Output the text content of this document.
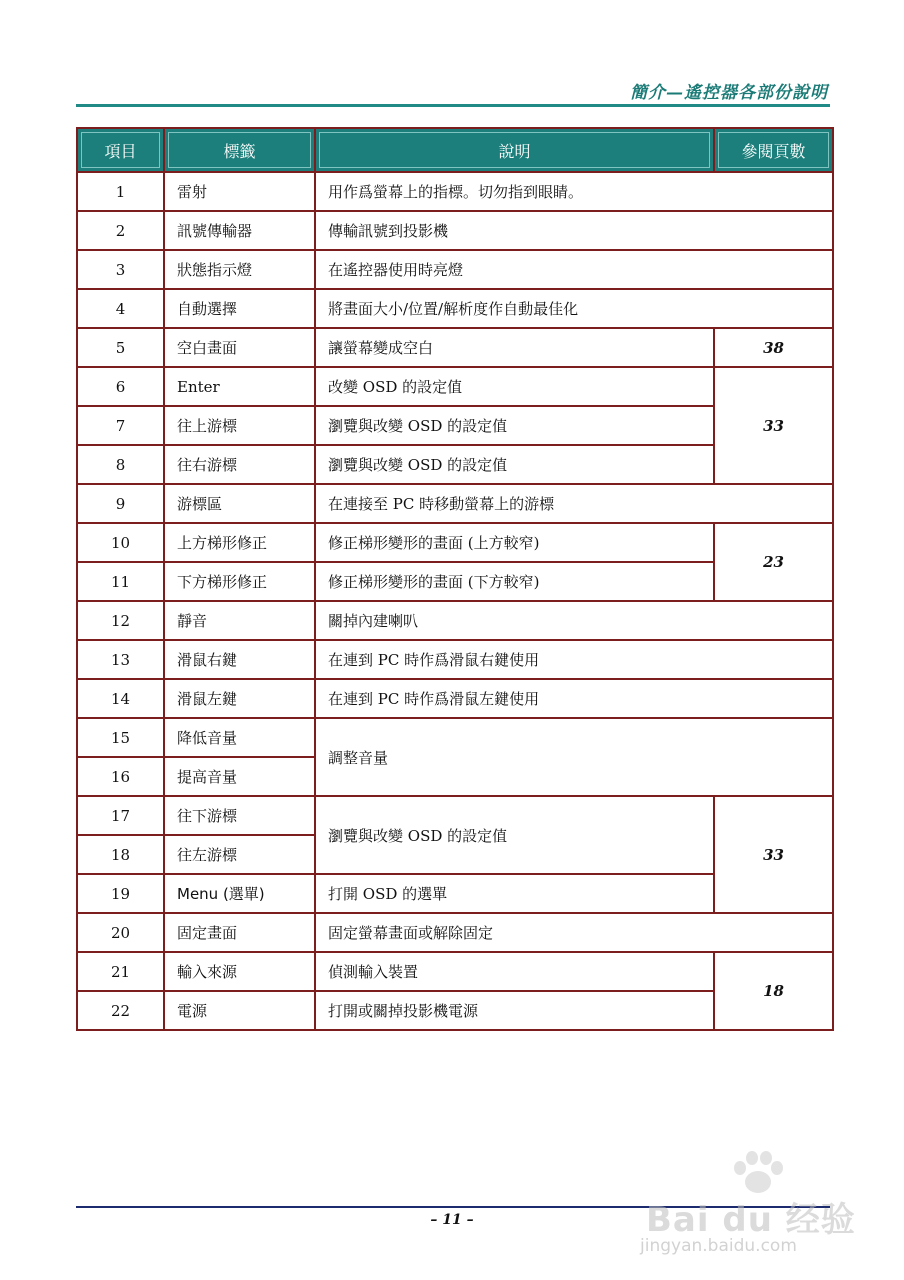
簡介—遙控器各部份說明
項目	標籤	說明	參閱頁數
1	雷射	用作爲螢幕上的指標。切勿指到眼睛。	
2	訊號傳輸器	傳輸訊號到投影機	
3	狀態指示燈	在遙控器使用時亮燈	
4	自動選擇	將畫面大小/位置/解析度作自動最佳化	
5	空白畫面	讓螢幕變成空白	38
6	Enter	改變 OSD 的設定值	33
7	往上游標	瀏覽與改變 OSD 的設定值	
8	往右游標	瀏覽與改變 OSD 的設定值	
9	游標區	在連接至 PC 時移動螢幕上的游標	
10	上方梯形修正	修正梯形變形的畫面 (上方較窄)	23
11	下方梯形修正	修正梯形變形的畫面 (下方較窄)	
12	靜音	關掉內建喇叭	
13	滑鼠右鍵	在連到 PC 時作爲滑鼠右鍵使用	
14	滑鼠左鍵	在連到 PC 時作爲滑鼠左鍵使用	
15	降低音量	調整音量	
16	提高音量		
17	往下游標	瀏覽與改變 OSD 的設定值	33
18	往左游標		
19	Menu (選單)	打開 OSD 的選單	
20	固定畫面	固定螢幕畫面或解除固定	
21	輸入來源	偵測輸入裝置	18
22	電源	打開或關掉投影機電源	
– 11 –	Bai du 经验
jingyan.baidu.com
